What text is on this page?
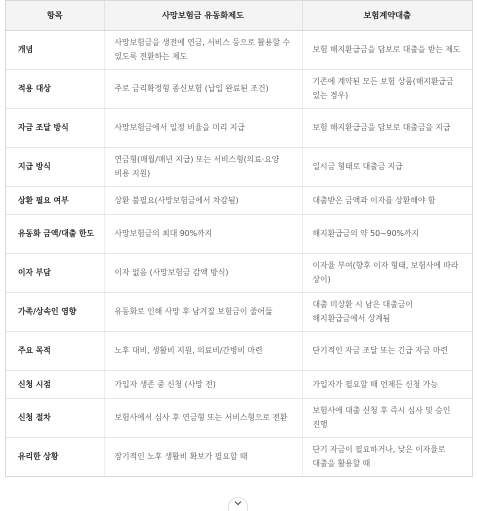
항목	사망보험금 유동화제도	보험계약대출
개념	사망보험금을 생전에 연금, 서비스 등으로 활용할 수 있도록 전환하는 제도	보험 해지환급금을 담보로 대출을 받는 제도
적용 대상	주로 금리확정형 종신보험 (납입 완료된 조건)	기존에 계약된 모든 보험 상품(해지환급금 있는 경우)
자금 조달 방식	사망보험금에서 일정 비율을 미리 지급	보험 해지환급금을 담보로 대출금을 지급
지급 방식	연금형(매월/매년 지급) 또는 서비스형(의료·요양 비용 지원)	일시금 형태로 대출금 지급
상환 필요 여부	상환 불필요(사망보험금에서 차감됨)	대출받은 금액과 이자를 상환해야 함
유동화 금액/대출 한도	사망보험금의 최대 90%까지	해지환급금의 약 50~90%까지
이자 부담	이자 없음 (사망보험금 감액 방식)	이자율 부여(향후 이자 형태, 보험사에 따라 상이)
가족/상속인 영향	유동화로 인해 사망 후 남겨질 보험금이 줄어듦	대출 미상환 시 남은 대출금이 해지환급금에서 상계됨
주요 목적	노후 대비, 생활비 지원, 의료비/간병비 마련	단기적인 자금 조달 또는 긴급 자금 마련
신청 시점	가입자 생존 중 신청 (사망 전)	가입자가 필요할 때 언제든 신청 가능
신청 절차	보험사에서 심사 후 연금형 또는 서비스형으로 전환	보험사에 대출 신청 후 즉시 심사 및 승인 진행
유리한 상황	장기적인 노후 생활비 확보가 필요할 때	단기 자금이 필요하거나, 낮은 이자율로 대출을 활용할 때
